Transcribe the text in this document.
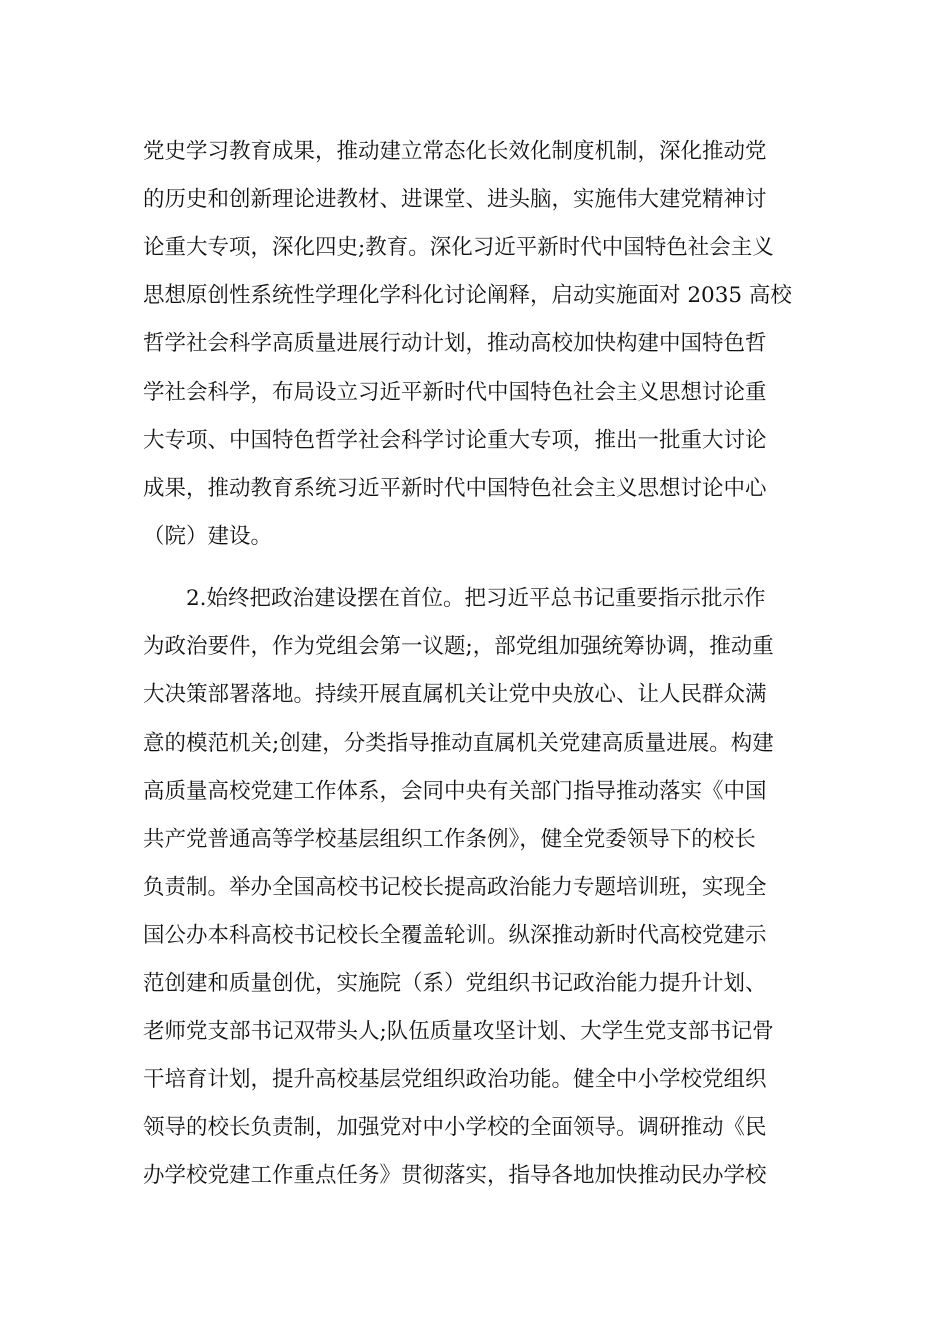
党史学习教育成果，推动建立常态化长效化制度机制，深化推动党
的历史和创新理论进教材、进课堂、进头脑，实施伟大建党精神讨
论重大专项，深化四史;教育。深化习近平新时代中国特色社会主义
思想原创性系统性学理化学科化讨论阐释，启动实施面对 2035 高校
哲学社会科学高质量进展行动计划，推动高校加快构建中国特色哲
学社会科学，布局设立习近平新时代中国特色社会主义思想讨论重
大专项、中国特色哲学社会科学讨论重大专项，推出一批重大讨论
成果，推动教育系统习近平新时代中国特色社会主义思想讨论中心
（院）建设。
2.始终把政治建设摆在首位。把习近平总书记重要指示批示作
为政治要件，作为党组会第一议题;，部党组加强统筹协调，推动重
大决策部署落地。持续开展直属机关让党中央放心、让人民群众满
意的模范机关;创建，分类指导推动直属机关党建高质量进展。构建
高质量高校党建工作体系，会同中央有关部门指导推动落实《中国
共产党普通高等学校基层组织工作条例》，健全党委领导下的校长
负责制。举办全国高校书记校长提高政治能力专题培训班，实现全
国公办本科高校书记校长全覆盖轮训。纵深推动新时代高校党建示
范创建和质量创优，实施院（系）党组织书记政治能力提升计划、
老师党支部书记双带头人;队伍质量攻坚计划、大学生党支部书记骨
干培育计划，提升高校基层党组织政治功能。健全中小学校党组织
领导的校长负责制，加强党对中小学校的全面领导。调研推动《民
办学校党建工作重点任务》贯彻落实，指导各地加快推动民办学校
